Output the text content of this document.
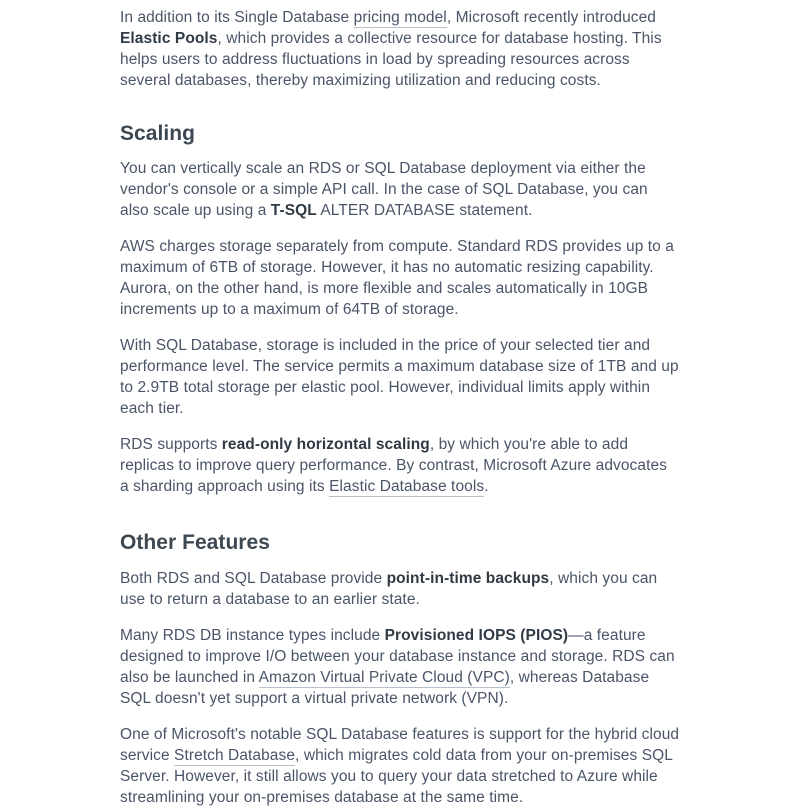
In addition to its Single Database pricing model, Microsoft recently introduced Elastic Pools, which provides a collective resource for database hosting. This helps users to address fluctuations in load by spreading resources across several databases, thereby maximizing utilization and reducing costs.

Scaling

You can vertically scale an RDS or SQL Database deployment via either the vendor's console or a simple API call. In the case of SQL Database, you can also scale up using a T-SQL ALTER DATABASE statement.

AWS charges storage separately from compute. Standard RDS provides up to a maximum of 6TB of storage. However, it has no automatic resizing capability. Aurora, on the other hand, is more flexible and scales automatically in 10GB increments up to a maximum of 64TB of storage.

With SQL Database, storage is included in the price of your selected tier and performance level. The service permits a maximum database size of 1TB and up to 2.9TB total storage per elastic pool. However, individual limits apply within each tier.

RDS supports read-only horizontal scaling, by which you're able to add replicas to improve query performance. By contrast, Microsoft Azure advocates a sharding approach using its Elastic Database tools.

Other Features

Both RDS and SQL Database provide point-in-time backups, which you can use to return a database to an earlier state.

Many RDS DB instance types include Provisioned IOPS (PIOS)—a feature designed to improve I/O between your database instance and storage. RDS can also be launched in Amazon Virtual Private Cloud (VPC), whereas Database SQL doesn't yet support a virtual private network (VPN).

One of Microsoft's notable SQL Database features is support for the hybrid cloud service Stretch Database, which migrates cold data from your on-premises SQL Server. However, it still allows you to query your data stretched to Azure while streamlining your on-premises database at the same time.
